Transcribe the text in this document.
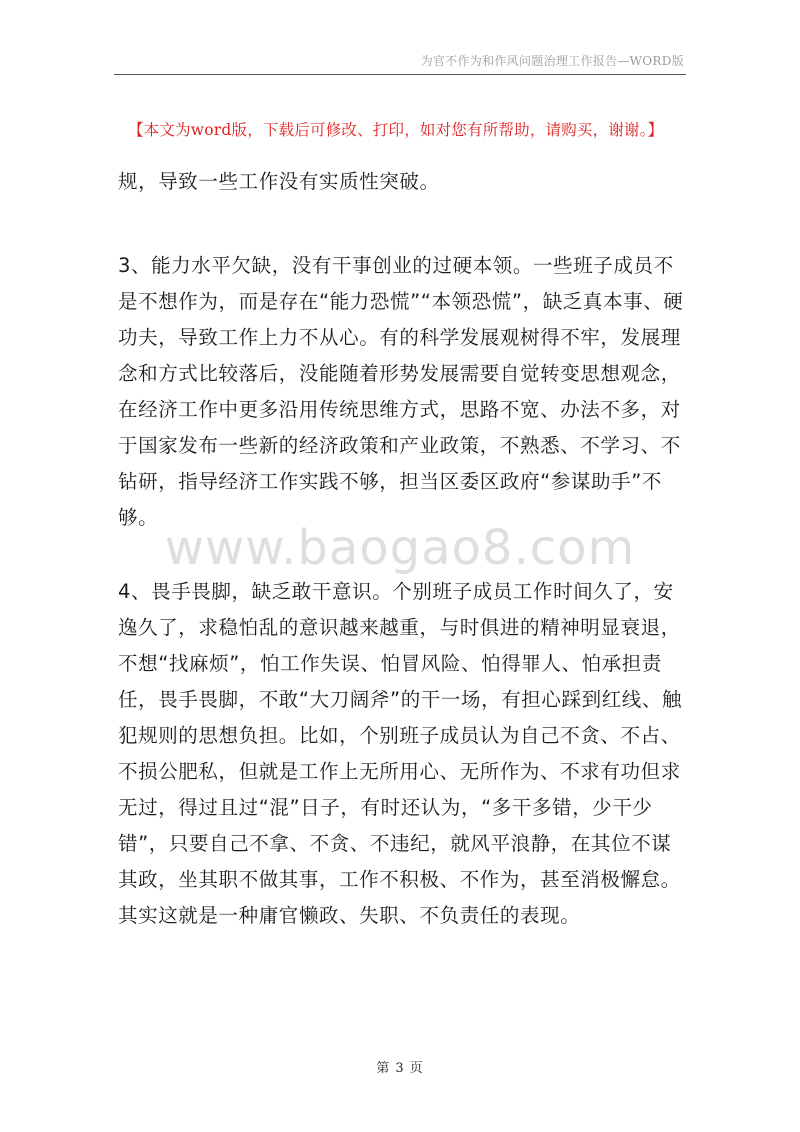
为官不作为和作风问题治理工作报告—WORD版
【本文为word版，下载后可修改、打印，如对您有所帮助，请购买，谢谢。】
规，导致一些工作没有实质性突破。
3、能力水平欠缺，没有干事创业的过硬本领。一些班子成员不是不想作为，而是存在“能力恐慌”“本领恐慌”，缺乏真本事、硬功夫，导致工作上力不从心。有的科学发展观树得不牢，发展理念和方式比较落后，没能随着形势发展需要自觉转变思想观念，在经济工作中更多沿用传统思维方式，思路不宽、办法不多，对于国家发布一些新的经济政策和产业政策，不熟悉、不学习、不钻研，指导经济工作实践不够，担当区委区政府“参谋助手”不够。
4、畏手畏脚，缺乏敢干意识。个别班子成员工作时间久了，安逸久了，求稳怕乱的意识越来越重，与时俱进的精神明显衰退，不想“找麻烦”，怕工作失误、怕冒风险、怕得罪人、怕承担责任，畏手畏脚，不敢“大刀阔斧”的干一场，有担心踩到红线、触犯规则的思想负担。比如，个别班子成员认为自己不贪、不占、不损公肥私，但就是工作上无所用心、无所作为、不求有功但求无过，得过且过“混”日子，有时还认为，“多干多错，少干少错”，只要自己不拿、不贪、不违纪，就风平浪静，在其位不谋其政，坐其职不做其事，工作不积极、不作为，甚至消极懈怠。其实这就是一种庸官懒政、失职、不负责任的表现。
www.baogao8.com
第 3 页
